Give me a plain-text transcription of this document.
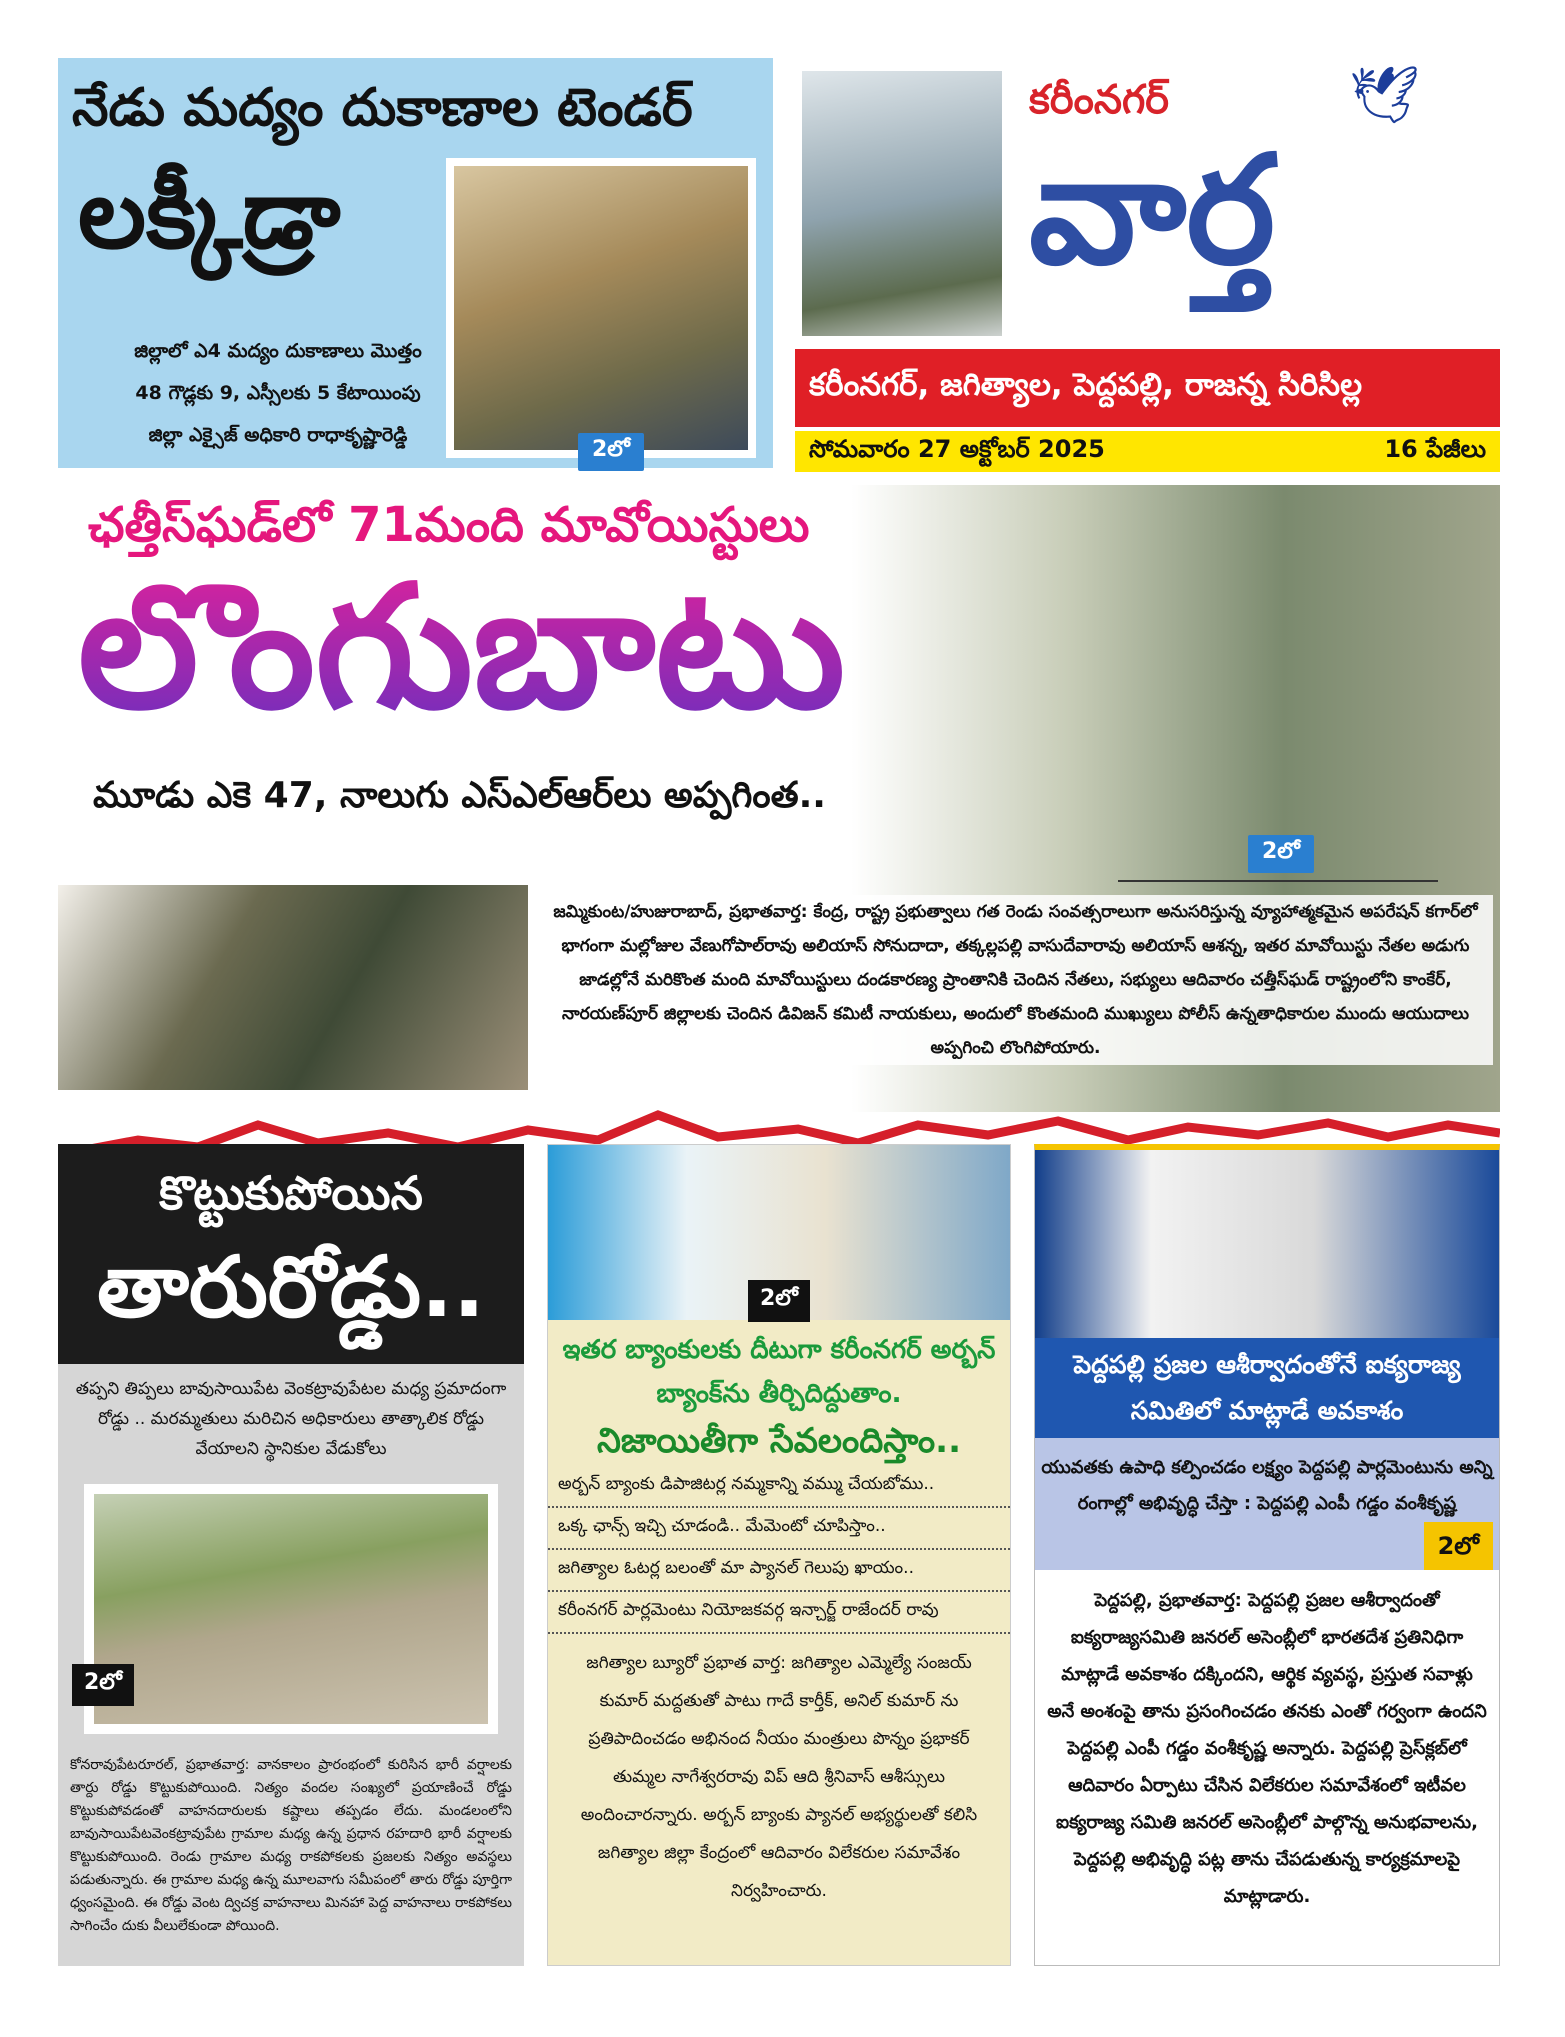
నేడు మద్యం దుకాణాల టెండర్
లక్కీడ్రా
జిల్లాలో ఎ4 మద్యం దుకాణాలు మొత్తం
48 గౌడ్లకు 9, ఎస్సీలకు 5 కేటాయింపు
జిల్లా ఎక్సైజ్ అధికారి రాధాకృష్ణారెడ్డి
2లో
కరీంనగర్	🕊
వార్త
కరీంనగర్, జగిత్యాల, పెద్దపల్లి, రాజన్న సిరిసిల్ల
సోమవారం 27 అక్టోబర్ 2025	16 పేజీలు
ఛత్తీస్‌ఘడ్‌లో 71మంది మావోయిస్టులు
లొంగుబాటు
మూడు ఎకె 47, నాలుగు ఎస్ఎల్ఆర్‌లు అప్పగింత..
2లో
జమ్మికుంట/హుజురాబాద్, ప్రభాతవార్త: కేంద్ర, రాష్ట్ర ప్రభుత్వాలు గత రెండు సంవత్సరాలుగా అనుసరిస్తున్న వ్యూహాత్మకమైన అపరేషన్ కగార్‌లో భాగంగా మల్లోజుల వేణుగోపాల్‌రావు అలియాస్ సోనుదాదా, తక్కల్లపల్లి వాసుదేవారావు అలియాస్ ఆశన్న, ఇతర మావోయిస్టు నేతల అడుగు జాడల్లోనే మరికొంత మంది మావోయిస్టులు దండకారణ్య ప్రాంతానికి చెందిన నేతలు, సభ్యులు ఆదివారం చత్తీస్‌ఘడ్ రాష్ట్రంలోని కాంకేర్, నారయణ్‌పూర్ జిల్లాలకు చెందిన డివిజన్ కమిటీ నాయకులు, అందులో కొంతమంది ముఖ్యులు పోలీస్ ఉన్నతాధికారుల ముందు ఆయుదాలు అప్పగించి లొంగిపోయారు.
కొట్టుకుపోయిన
తారురోడ్డు..
తప్పని తిప్పలు బావుసాయిపేట వెంకట్రావుపేటల మధ్య ప్రమాదంగా రోడ్డు .. మరమ్మతులు మరిచిన అధికారులు తాత్కాలిక రోడ్డు వేయాలని స్థానికుల వేడుకోలు
2లో
కోనరావుపేటరూరల్, ప్రభాతవార్త: వానకాలం ప్రారంభంలో కురిసిన భారీ వర్షాలకు తార్దు రోడ్డు కొట్టుకుపోయింది. నిత్యం వందల సంఖ్యలో ప్రయాణించే రోడ్డు కొట్టుకుపోవడంతో వాహనదారులకు కష్టాలు తప్పడం లేదు. మండలంలోని బావుసాయిపేటవెంకట్రావుపేట గ్రామాల మధ్య ఉన్న ప్రధాన రహదారి భారీ వర్షాలకు కొట్టుకుపోయింది. రెండు గ్రామాల మధ్య రాకపోకలకు ప్రజలకు నిత్యం అవస్థలు పడుతున్నారు. ఈ గ్రామాల మధ్య ఉన్న మూలవాగు సమీపంలో తారు రోడ్డు పూర్తిగా ధ్వంసమైంది. ఈ రోడ్డు వెంట ద్విచక్ర వాహనాలు మినహా పెద్ద వాహనాలు రాకపోకలు సాగించేం దుకు వీలులేకుండా పోయింది.
2లో
ఇతర బ్యాంకులకు దీటుగా కరీంనగర్ అర్బన్ బ్యాంక్‌ను తీర్చిదిద్దుతాం.
నిజాయితీగా సేవలందిస్తాం..
అర్బన్ బ్యాంకు డిపాజిటర్ల నమ్మకాన్ని వమ్ము చేయబోము..
ఒక్క ఛాన్స్ ఇచ్చి చూడండి.. మేమెంటో చూపిస్తాం..
జగిత్యాల ఓటర్ల బలంతో మా ప్యానల్ గెలుపు ఖాయం..
కరీంనగర్ పార్లమెంటు నియోజకవర్గ ఇన్చార్జ్ రాజేందర్ రావు
జగిత్యాల బ్యూరో ప్రభాత వార్త: జగిత్యాల ఎమ్మెల్యే సంజయ్ కుమార్ మద్దతుతో పాటు గాదే కార్తీక్, అనిల్ కుమార్ ను ప్రతిపాదించడం అభినంద నీయం మంత్రులు పొన్నం ప్రభాకర్ తుమ్మల నాగేశ్వరరావు విప్ ఆది శ్రీనివాస్ ఆశీస్సులు అందించారన్నారు. అర్బన్ బ్యాంకు ప్యానల్ అభ్యర్థులతో కలిసి జగిత్యాల జిల్లా కేంద్రంలో ఆదివారం విలేకరుల సమావేశం నిర్వహించారు.
పెద్దపల్లి ప్రజల ఆశీర్వాదంతోనే ఐక్యరాజ్య సమితిలో మాట్లాడే అవకాశం
యువతకు ఉపాధి కల్పించడం లక్ష్యం పెద్దపల్లి పార్లమెంటును అన్ని రంగాల్లో అభివృద్ధి చేస్తా : పెద్దపల్లి ఎంపీ గడ్డం వంశీకృష్ణ
2లో
పెద్దపల్లి, ప్రభాతవార్త: పెద్దపల్లి ప్రజల ఆశీర్వాదంతో ఐక్యరాజ్యసమితి జనరల్ అసెంబ్లీలో భారతదేశ ప్రతినిధిగా మాట్లాడే అవకాశం దక్కిందని, ఆర్థిక వ్యవస్థ, ప్రస్తుత సవాళ్లు అనే అంశంపై తాను ప్రసంగించడం తనకు ఎంతో గర్వంగా ఉందని పెద్దపల్లి ఎంపీ గడ్డం వంశీకృష్ణ అన్నారు. పెద్దపల్లి ప్రెస్‌క్లబ్‌లో ఆదివారం ఏర్పాటు చేసిన విలేకరుల సమావేశంలో ఇటీవల ఐక్యరాజ్య సమితి జనరల్ అసెంబ్లీలో పాల్గొన్న అనుభవాలను, పెద్దపల్లి అభివృద్ధి పట్ల తాను చేపడుతున్న కార్యక్రమాలపై మాట్లాడారు.
